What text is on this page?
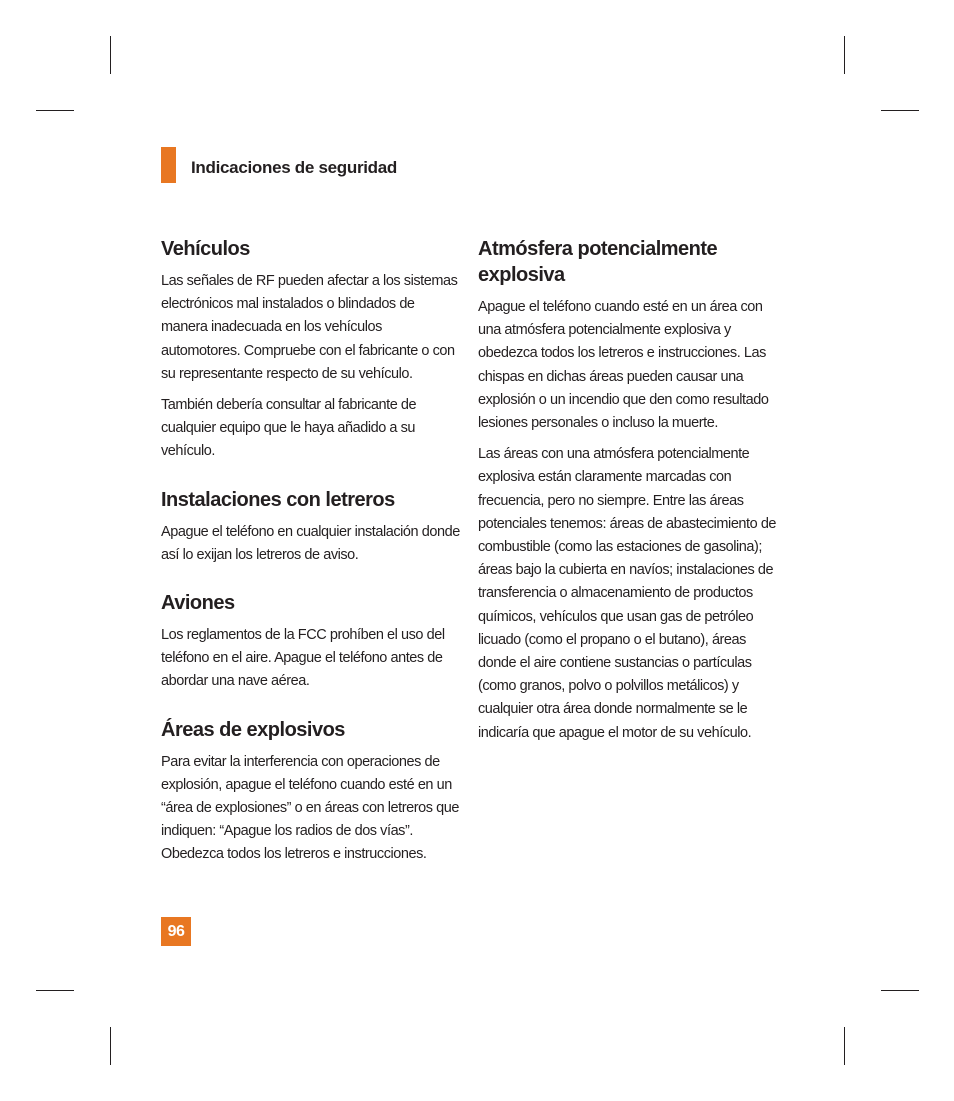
Indicaciones de seguridad
Vehículos

Las señales de RF pueden afectar a los sistemas electrónicos mal instalados o blindados de manera inadecuada en los vehículos automotores. Compruebe con el fabricante o con su representante respecto de su vehículo.

También debería consultar al fabricante de cualquier equipo que le haya añadido a su vehículo.

Instalaciones con letreros

Apague el teléfono en cualquier instalación donde así lo exijan los letreros de aviso.

Aviones

Los reglamentos de la FCC prohíben el uso del teléfono en el aire. Apague el teléfono antes de abordar una nave aérea.

Áreas de explosivos

Para evitar la interferencia con operaciones de explosión, apague el teléfono cuando esté en un “área de explosiones” o en áreas con letreros que indiquen: “Apague los radios de dos vías”. Obedezca todos los letreros e instrucciones.

Atmósfera potencialmente explosiva

Apague el teléfono cuando esté en un área con una atmósfera potencialmente explosiva y obedezca todos los letreros e instrucciones. Las chispas en dichas áreas pueden causar una explosión o un incendio que den como resultado lesiones personales o incluso la muerte.

Las áreas con una atmósfera potencialmente explosiva están claramente marcadas con frecuencia, pero no siempre. Entre las áreas potenciales tenemos: áreas de abastecimiento de combustible (como las estaciones de gasolina); áreas bajo la cubierta en navíos; instalaciones de transferencia o almacenamiento de productos químicos, vehículos que usan gas de petróleo licuado (como el propano o el butano), áreas donde el aire contiene sustancias o partículas (como granos, polvo o polvillos metálicos) y cualquier otra área donde normalmente se le indicaría que apague el motor de su vehículo.

96
